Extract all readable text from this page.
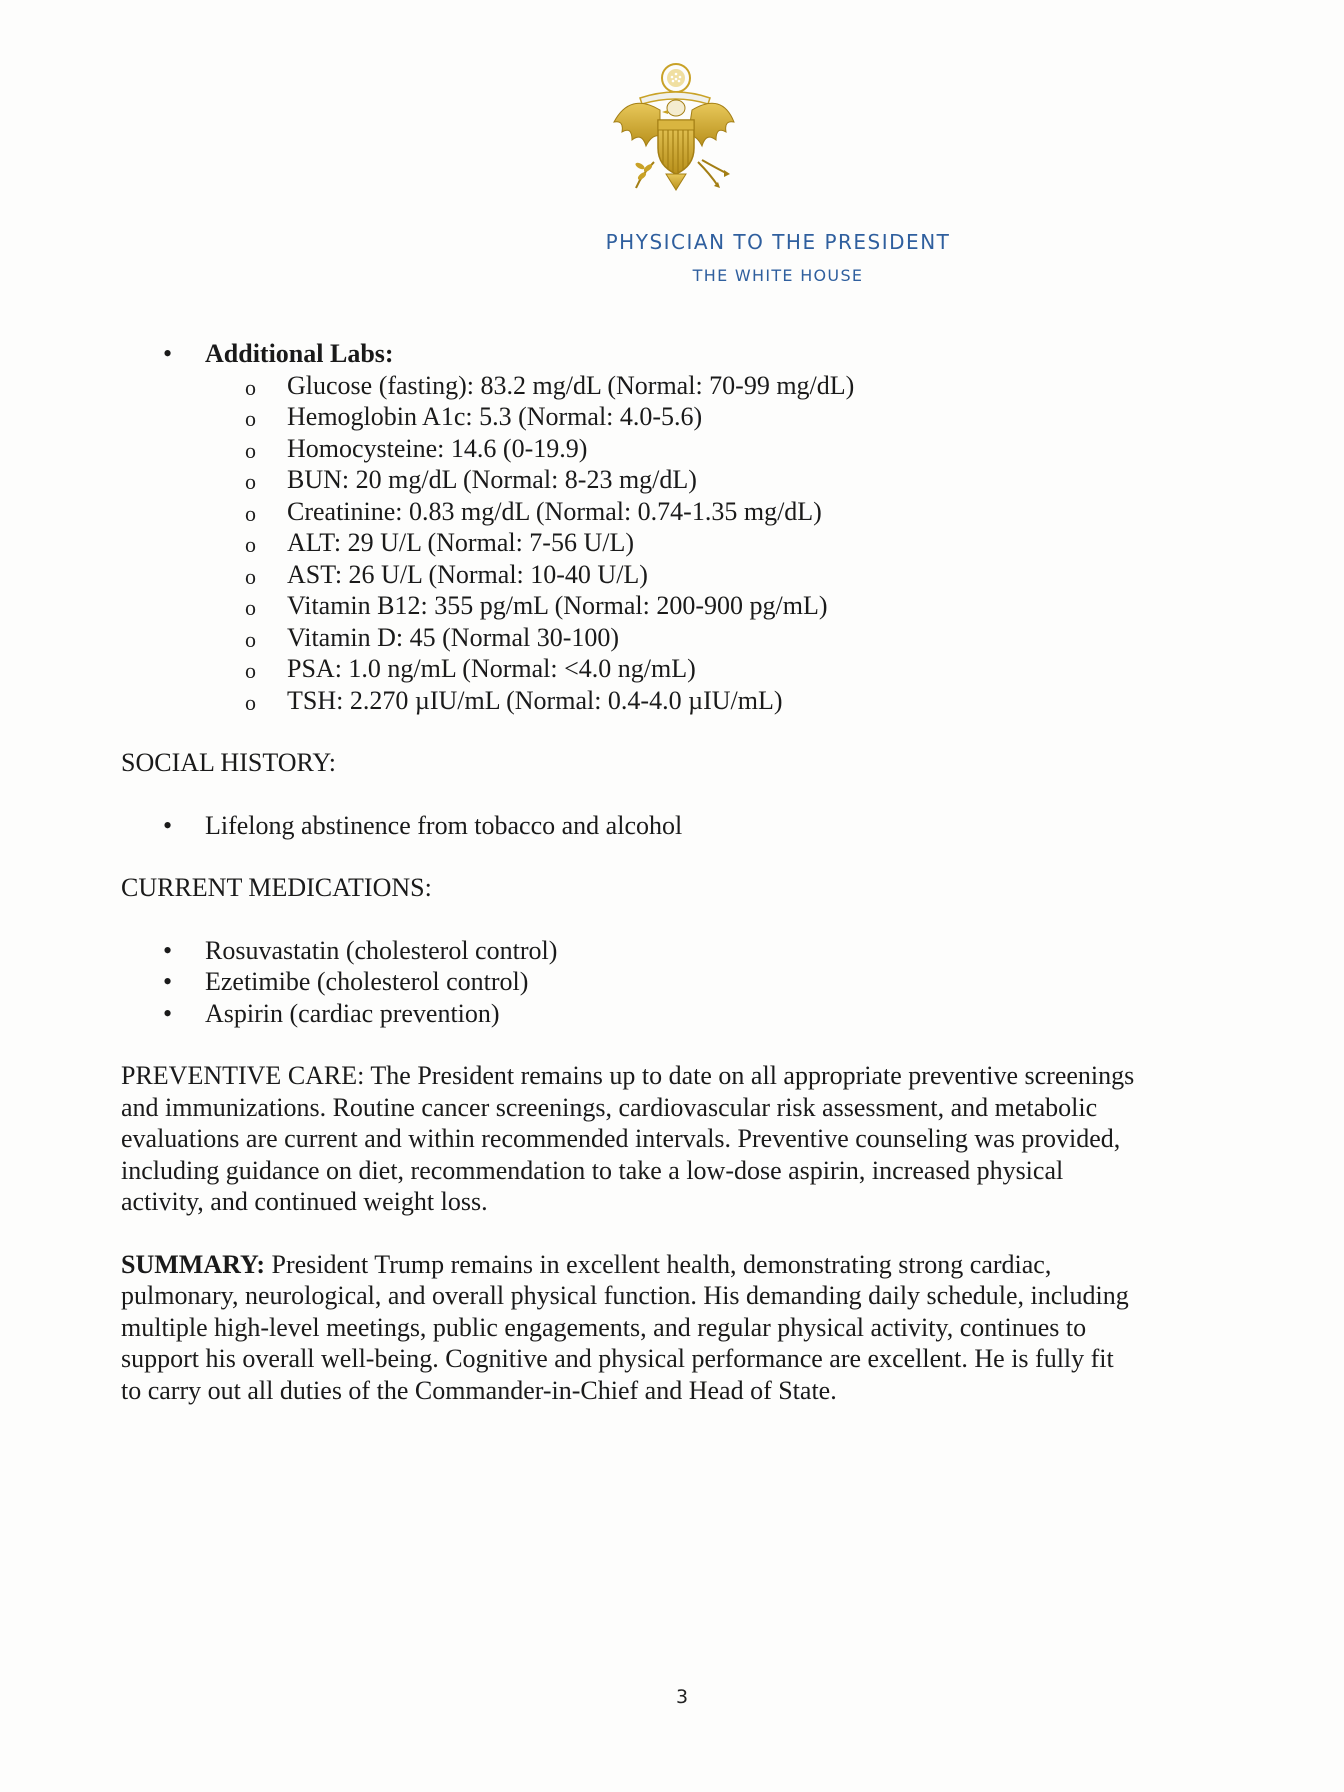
PHYSICIAN TO THE PRESIDENT
THE WHITE HOUSE
• Additional Labs:
o Glucose (fasting): 83.2 mg/dL (Normal: 70-99 mg/dL)
o Hemoglobin A1c: 5.3 (Normal: 4.0-5.6)
o Homocysteine: 14.6 (0-19.9)
o BUN: 20 mg/dL (Normal: 8-23 mg/dL)
o Creatinine: 0.83 mg/dL (Normal: 0.74-1.35 mg/dL)
o ALT: 29 U/L (Normal: 7-56 U/L)
o AST: 26 U/L (Normal: 10-40 U/L)
o Vitamin B12: 355 pg/mL (Normal: 200-900 pg/mL)
o Vitamin D: 45 (Normal 30-100)
o PSA: 1.0 ng/mL (Normal: <4.0 ng/mL)
o TSH: 2.270 µIU/mL (Normal: 0.4-4.0 µIU/mL)
SOCIAL HISTORY:
• Lifelong abstinence from tobacco and alcohol
CURRENT MEDICATIONS:
• Rosuvastatin (cholesterol control)
• Ezetimibe (cholesterol control)
• Aspirin (cardiac prevention)
PREVENTIVE CARE: The President remains up to date on all appropriate preventive screenings
and immunizations. Routine cancer screenings, cardiovascular risk assessment, and metabolic
evaluations are current and within recommended intervals. Preventive counseling was provided,
including guidance on diet, recommendation to take a low-dose aspirin, increased physical
activity, and continued weight loss.
SUMMARY: President Trump remains in excellent health, demonstrating strong cardiac,
pulmonary, neurological, and overall physical function. His demanding daily schedule, including
multiple high-level meetings, public engagements, and regular physical activity, continues to
support his overall well-being. Cognitive and physical performance are excellent. He is fully fit
to carry out all duties of the Commander-in-Chief and Head of State.
3
